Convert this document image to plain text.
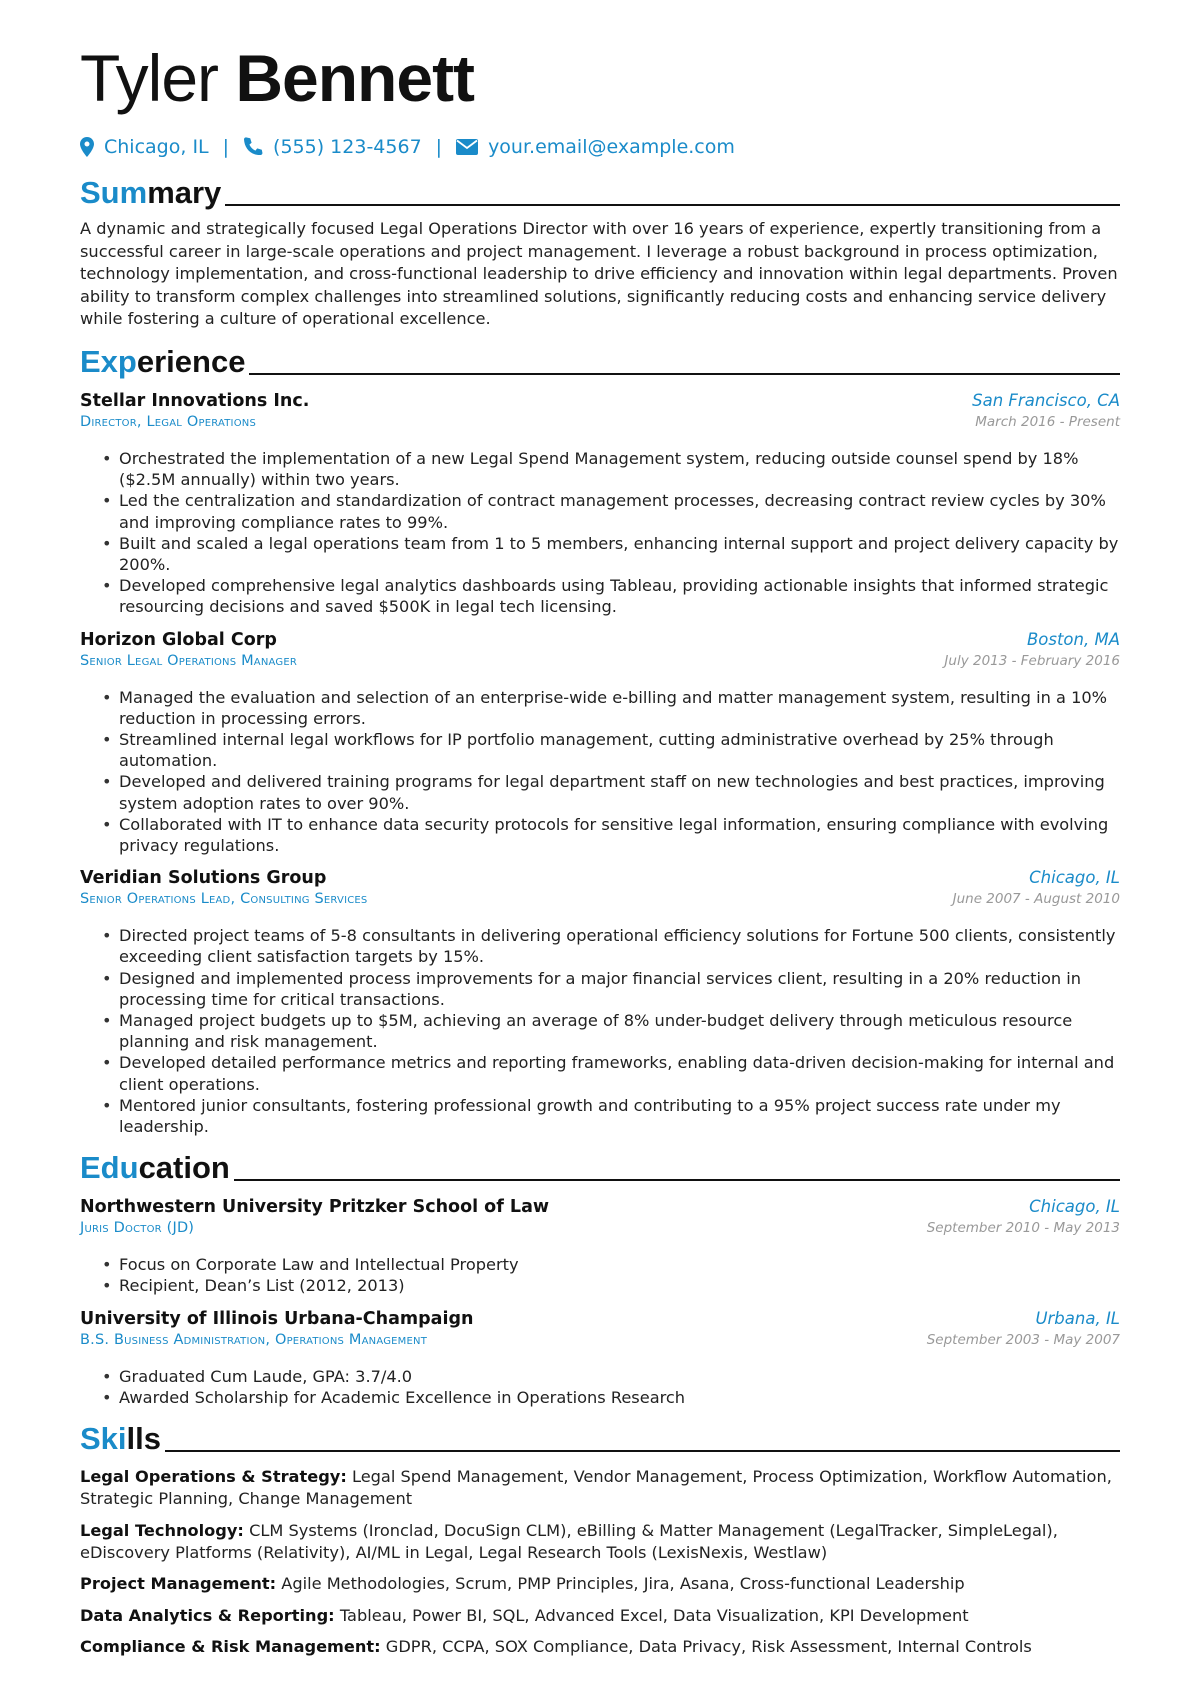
Tyler Bennett
Chicago, IL | (555) 123-4567 | your.email@example.com
Summary

A dynamic and strategically focused Legal Operations Director with over 16 years of experience, expertly transitioning from a successful career in large-scale operations and project management. I leverage a robust background in process optimization, technology implementation, and cross-functional leadership to drive efficiency and innovation within legal departments. Proven ability to transform complex challenges into streamlined solutions, significantly reducing costs and enhancing service delivery while fostering a culture of operational excellence.

Experience
Stellar Innovations Inc.	San Francisco, CA
Director, Legal Operations	March 2016 - Present
• Orchestrated the implementation of a new Legal Spend Management system, reducing outside counsel spend by 18% ($2.5M annually) within two years.
• Led the centralization and standardization of contract management processes, decreasing contract review cycles by 30% and improving compliance rates to 99%.
• Built and scaled a legal operations team from 1 to 5 members, enhancing internal support and project delivery capacity by 200%.
• Developed comprehensive legal analytics dashboards using Tableau, providing actionable insights that informed strategic resourcing decisions and saved $500K in legal tech licensing.
Horizon Global Corp	Boston, MA
Senior Legal Operations Manager	July 2013 - February 2016
• Managed the evaluation and selection of an enterprise-wide e-billing and matter management system, resulting in a 10% reduction in processing errors.
• Streamlined internal legal workflows for IP portfolio management, cutting administrative overhead by 25% through automation.
• Developed and delivered training programs for legal department staff on new technologies and best practices, improving system adoption rates to over 90%.
• Collaborated with IT to enhance data security protocols for sensitive legal information, ensuring compliance with evolving privacy regulations.
Veridian Solutions Group	Chicago, IL
Senior Operations Lead, Consulting Services	June 2007 - August 2010
• Directed project teams of 5-8 consultants in delivering operational efficiency solutions for Fortune 500 clients, consistently exceeding client satisfaction targets by 15%.
• Designed and implemented process improvements for a major financial services client, resulting in a 20% reduction in processing time for critical transactions.
• Managed project budgets up to $5M, achieving an average of 8% under-budget delivery through meticulous resource planning and risk management.
• Developed detailed performance metrics and reporting frameworks, enabling data-driven decision-making for internal and client operations.
• Mentored junior consultants, fostering professional growth and contributing to a 95% project success rate under my leadership.
Education
Northwestern University Pritzker School of Law	Chicago, IL
Juris Doctor (JD)	September 2010 - May 2013
• Focus on Corporate Law and Intellectual Property
• Recipient, Dean’s List (2012, 2013)
University of Illinois Urbana-Champaign	Urbana, IL
B.S. Business Administration, Operations Management	September 2003 - May 2007
• Graduated Cum Laude, GPA: 3.7/4.0
• Awarded Scholarship for Academic Excellence in Operations Research
Skills

Legal Operations & Strategy: Legal Spend Management, Vendor Management, Process Optimization, Workflow Automation, Strategic Planning, Change Management

Legal Technology: CLM Systems (Ironclad, DocuSign CLM), eBilling & Matter Management (LegalTracker, SimpleLegal), eDiscovery Platforms (Relativity), AI/ML in Legal, Legal Research Tools (LexisNexis, Westlaw)

Project Management: Agile Methodologies, Scrum, PMP Principles, Jira, Asana, Cross-functional Leadership

Data Analytics & Reporting: Tableau, Power BI, SQL, Advanced Excel, Data Visualization, KPI Development

Compliance & Risk Management: GDPR, CCPA, SOX Compliance, Data Privacy, Risk Assessment, Internal Controls
